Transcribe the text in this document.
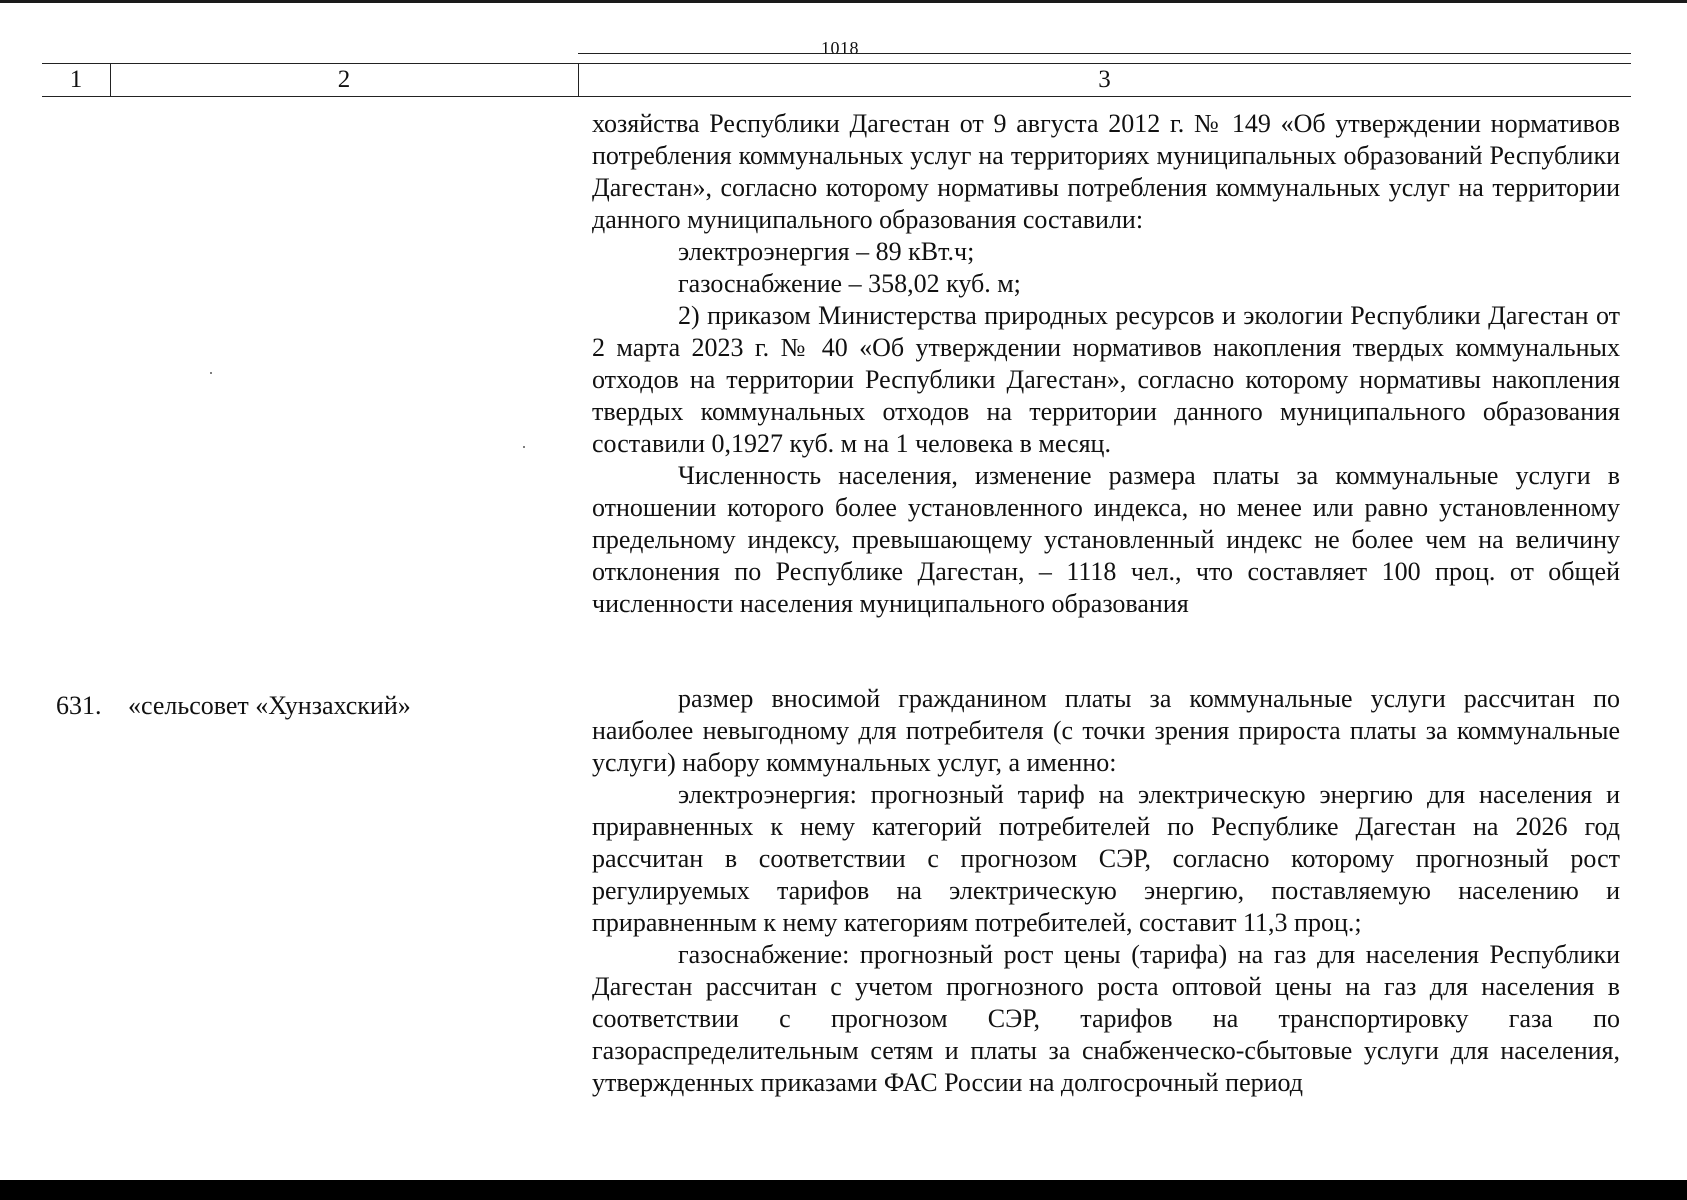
1018
1	2	3

хозяйства Республики Дагестан от 9 августа 2012 г. № 149 «Об утверждении нормативов потребления коммунальных услуг на территориях муниципальных образований Республики Дагестан», согласно которому нормативы потребления коммунальных услуг на территории данного муниципального образования составили:

электроэнергия – 89 кВт.ч;

газоснабжение – 358,02 куб. м;

2) приказом Министерства природных ресурсов и экологии Республики Дагестан от 2 марта 2023 г. № 40 «Об утверждении нормативов накопления твердых коммунальных отходов на территории Республики Дагестан», согласно которому нормативы накопления твердых коммунальных отходов на территории данного муниципального образования составили 0,1927 куб. м на 1 человека в месяц.

Численность населения, изменение размера платы за коммунальные услуги в отношении которого более установленного индекса, но менее или равно установленному предельному индексу, превышающему установленный индекс не более чем на величину отклонения по Республике Дагестан, – 1118 чел., что составляет 100 проц. от общей численности населения муниципального образования

631. «сельсовет «Хунзахский»	размер вносимой гражданином платы за коммунальные услуги рассчитан по наиболее невыгодному для потребителя (с точки зрения прироста платы за коммунальные услуги) набору коммунальных услуг, а именно:

электроэнергия: прогнозный тариф на электрическую энергию для населения и приравненных к нему категорий потребителей по Республике Дагестан на 2026 год рассчитан в соответствии с прогнозом СЭР, согласно которому прогнозный рост регулируемых тарифов на электрическую энергию, поставляемую населению и приравненным к нему категориям потребителей, составит 11,3 проц.;

газоснабжение: прогнозный рост цены (тарифа) на газ для населения Республики Дагестан рассчитан с учетом прогнозного роста оптовой цены на газ для населения в соответствии с прогнозом СЭР, тарифов на транспортировку газа по газораспределительным сетям и платы за снабженческо-сбытовые услуги для населения, утвержденных приказами ФАС России на долгосрочный период
